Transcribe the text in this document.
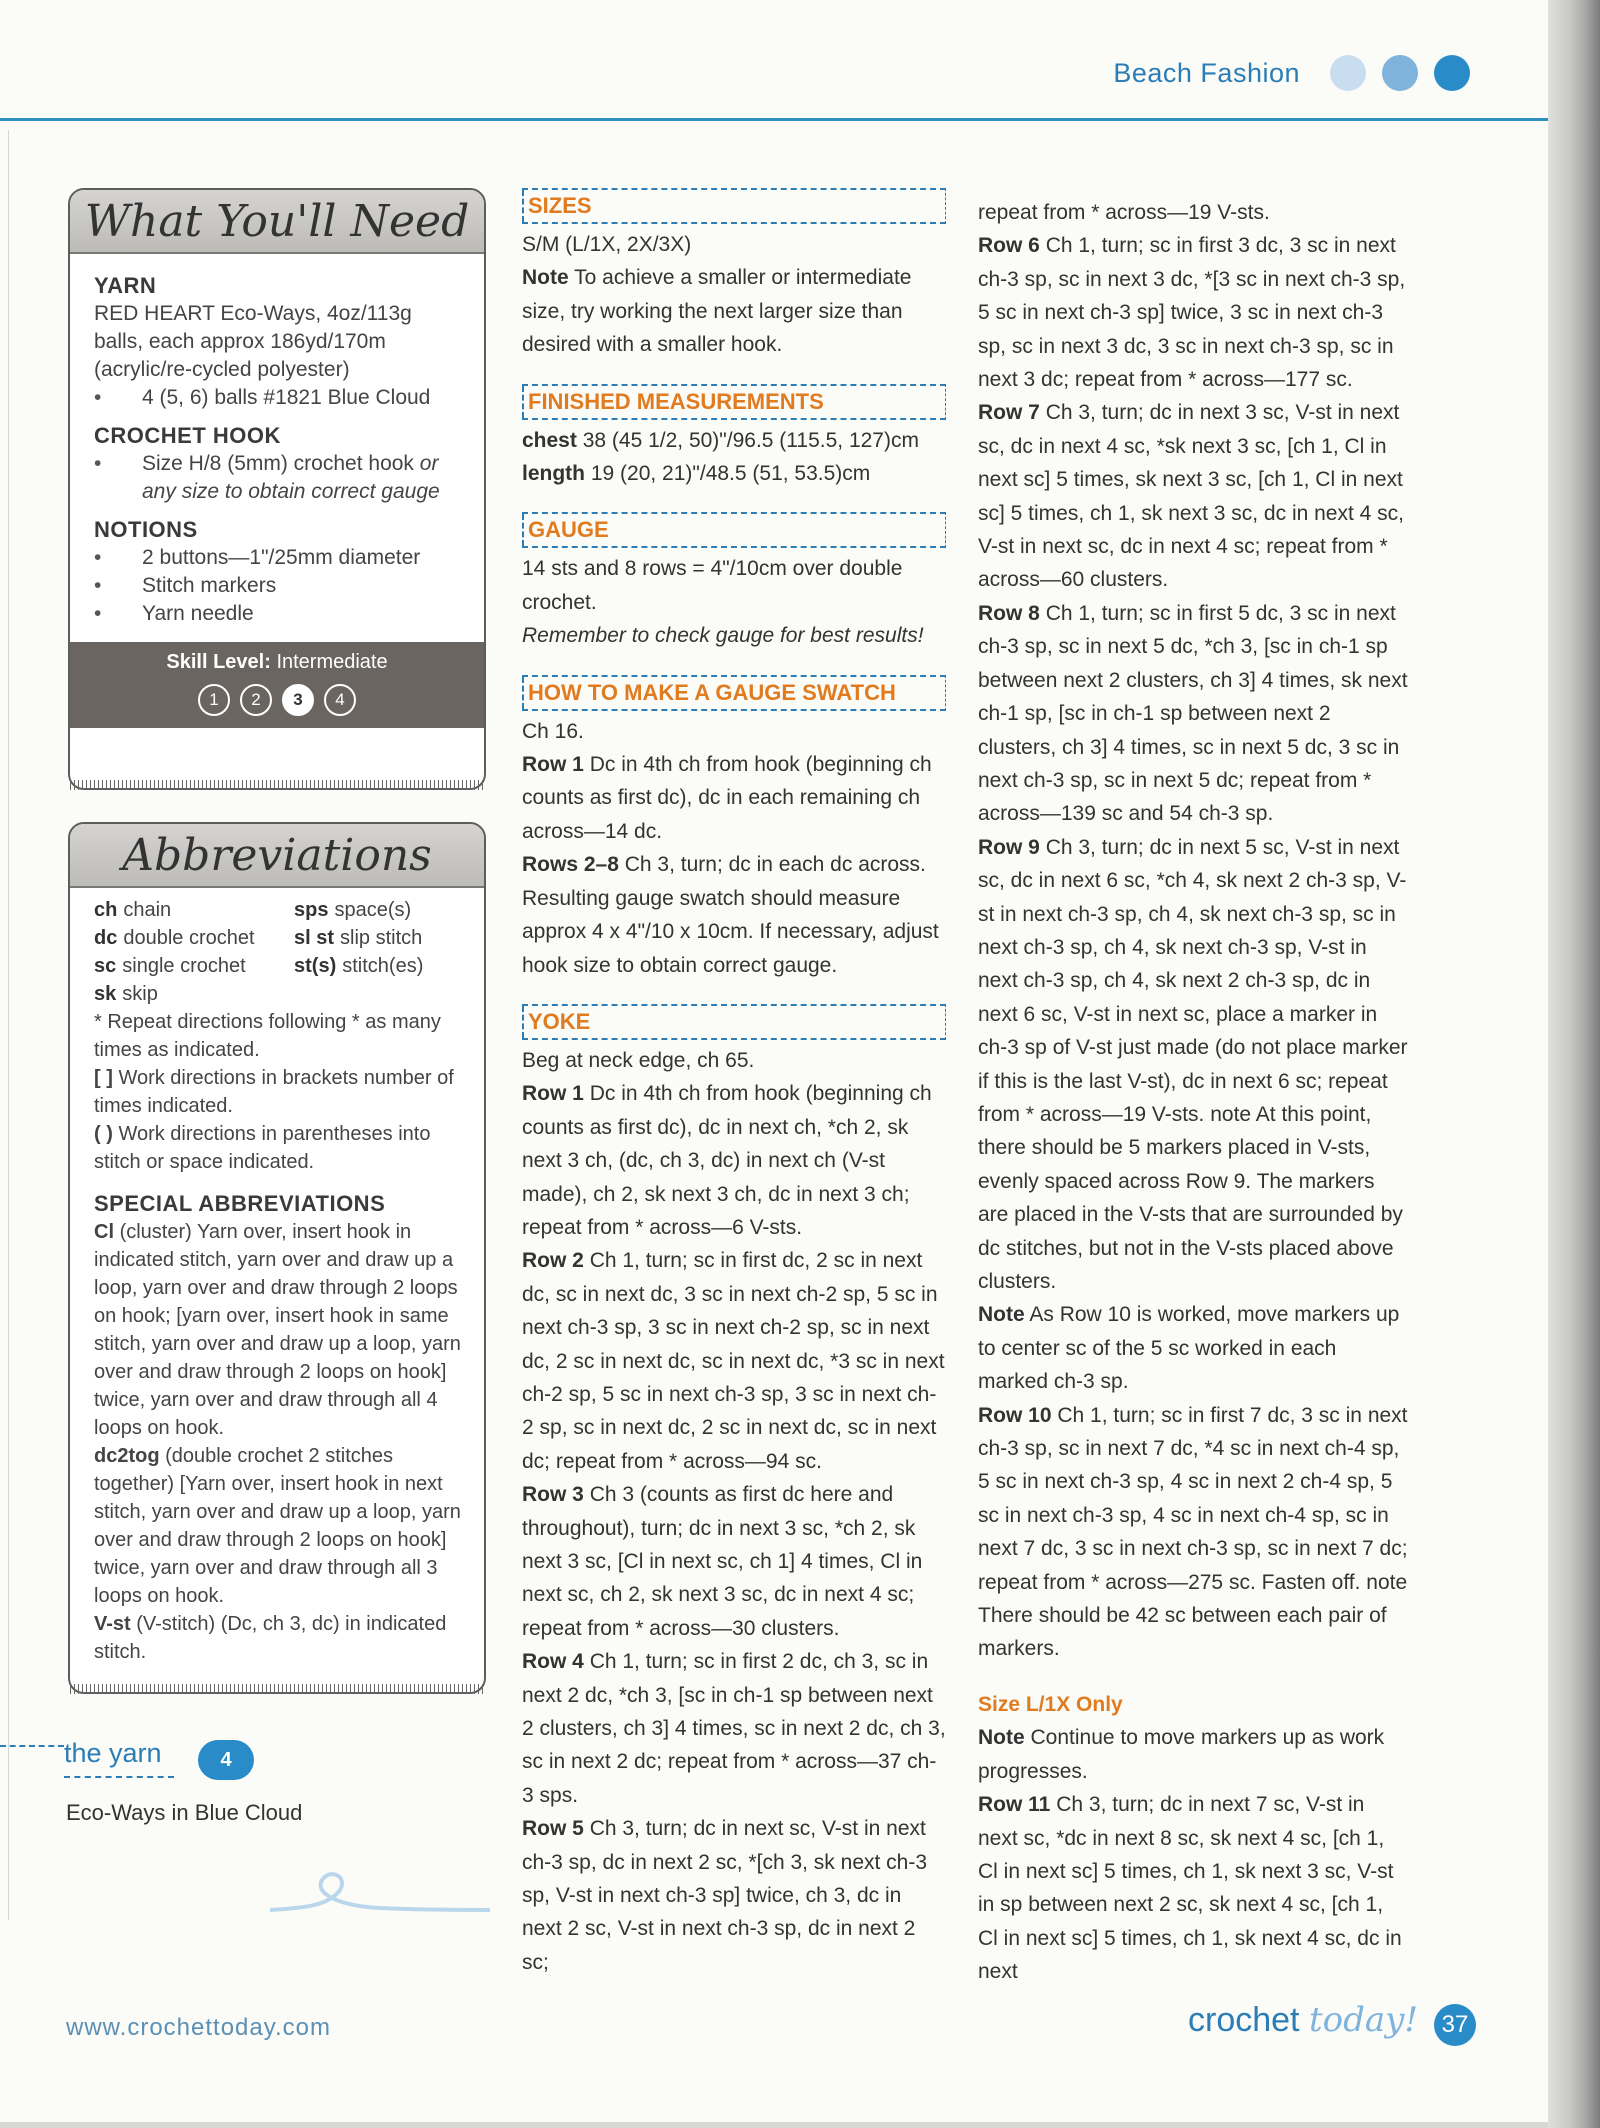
Beach Fashion
What You'll Need
YARN
RED HEART Eco-Ways, 4oz/113g balls, each approx 186yd/170m (acrylic/re-cycled polyester)
• 4 (5, 6) balls #1821 Blue Cloud
CROCHET HOOK
• Size H/8 (5mm) crochet hook or any size to obtain correct gauge
NOTIONS
• 2 buttons—1"/25mm diameter
• Stitch markers
• Yarn needle
Skill Level: Intermediate
1	2	3	4
Abbreviations
ch chain	sps space(s)
dc double crochet	sl st slip stitch
sc single crochet	st(s) stitch(es)
sk skip
* Repeat directions following * as many times as indicated.
[ ] Work directions in brackets number of times indicated.
( ) Work directions in parentheses into stitch or space indicated.
SPECIAL ABBREVIATIONS
Cl (cluster) Yarn over, insert hook in indicated stitch, yarn over and draw up a loop, yarn over and draw through 2 loops on hook; [yarn over, insert hook in same stitch, yarn over and draw up a loop, yarn over and draw through 2 loops on hook] twice, yarn over and draw through all 4 loops on hook.
dc2tog (double crochet 2 stitches together) [Yarn over, insert hook in next stitch, yarn over and draw up a loop, yarn over and draw through 2 loops on hook] twice, yarn over and draw through all 3 loops on hook.
V-st (V-stitch) (Dc, ch 3, dc) in indicated stitch.
the yarn	4
Eco-Ways in Blue Cloud
SIZES

S/M (L/1X, 2X/3X)

Note To achieve a smaller or intermediate size, try working the next larger size than desired with a smaller hook.

FINISHED MEASUREMENTS

chest 38 (45 1/2, 50)"/96.5 (115.5, 127)cm

length 19 (20, 21)"/48.5 (51, 53.5)cm

GAUGE

14 sts and 8 rows = 4"/10cm over double crochet.

Remember to check gauge for best results!

HOW TO MAKE A GAUGE SWATCH

Ch 16.

Row 1 Dc in 4th ch from hook (beginning ch counts as first dc), dc in each remaining ch across—14 dc.

Rows 2–8 Ch 3, turn; dc in each dc across. Resulting gauge swatch should measure approx 4 x 4"/10 x 10cm. If necessary, adjust hook size to obtain correct gauge.

YOKE

Beg at neck edge, ch 65.

Row 1 Dc in 4th ch from hook (beginning ch counts as first dc), dc in next ch, *ch 2, sk next 3 ch, (dc, ch 3, dc) in next ch (V-st made), ch 2, sk next 3 ch, dc in next 3 ch; repeat from * across—6 V-sts.

Row 2 Ch 1, turn; sc in first dc, 2 sc in next dc, sc in next dc, 3 sc in next ch-2 sp, 5 sc in next ch-3 sp, 3 sc in next ch-2 sp, sc in next dc, 2 sc in next dc, sc in next dc, *3 sc in next ch-2 sp, 5 sc in next ch-3 sp, 3 sc in next ch-2 sp, sc in next dc, 2 sc in next dc, sc in next dc; repeat from * across—94 sc.

Row 3 Ch 3 (counts as first dc here and throughout), turn; dc in next 3 sc, *ch 2, sk next 3 sc, [Cl in next sc, ch 1] 4 times, Cl in next sc, ch 2, sk next 3 sc, dc in next 4 sc; repeat from * across—30 clusters.

Row 4 Ch 1, turn; sc in first 2 dc, ch 3, sc in next 2 dc, *ch 3, [sc in ch-1 sp between next 2 clusters, ch 3] 4 times, sc in next 2 dc, ch 3, sc in next 2 dc; repeat from * across—37 ch-3 sps.

Row 5 Ch 3, turn; dc in next sc, V-st in next ch-3 sp, dc in next 2 sc, *[ch 3, sk next ch-3 sp, V-st in next ch-3 sp] twice, ch 3, dc in next 2 sc, V-st in next ch-3 sp, dc in next 2 sc;

repeat from * across—19 V-sts.

Row 6 Ch 1, turn; sc in first 3 dc, 3 sc in next ch-3 sp, sc in next 3 dc, *[3 sc in next ch-3 sp, 5 sc in next ch-3 sp] twice, 3 sc in next ch-3 sp, sc in next 3 dc, 3 sc in next ch-3 sp, sc in next 3 dc; repeat from * across—177 sc.

Row 7 Ch 3, turn; dc in next 3 sc, V-st in next sc, dc in next 4 sc, *sk next 3 sc, [ch 1, Cl in next sc] 5 times, sk next 3 sc, [ch 1, Cl in next sc] 5 times, ch 1, sk next 3 sc, dc in next 4 sc, V-st in next sc, dc in next 4 sc; repeat from * across—60 clusters.

Row 8 Ch 1, turn; sc in first 5 dc, 3 sc in next ch-3 sp, sc in next 5 dc, *ch 3, [sc in ch-1 sp between next 2 clusters, ch 3] 4 times, sk next ch-1 sp, [sc in ch-1 sp between next 2 clusters, ch 3] 4 times, sc in next 5 dc, 3 sc in next ch-3 sp, sc in next 5 dc; repeat from * across—139 sc and 54 ch-3 sp.

Row 9 Ch 3, turn; dc in next 5 sc, V-st in next sc, dc in next 6 sc, *ch 4, sk next 2 ch-3 sp, V-st in next ch-3 sp, ch 4, sk next ch-3 sp, sc in next ch-3 sp, ch 4, sk next ch-3 sp, V-st in next ch-3 sp, ch 4, sk next 2 ch-3 sp, dc in next 6 sc, V-st in next sc, place a marker in ch-3 sp of V-st just made (do not place marker if this is the last V-st), dc in next 6 sc; repeat from * across—19 V-sts. note At this point, there should be 5 markers placed in V-sts, evenly spaced across Row 9. The markers are placed in the V-sts that are surrounded by dc stitches, but not in the V-sts placed above clusters.

Note As Row 10 is worked, move markers up to center sc of the 5 sc worked in each marked ch-3 sp.

Row 10 Ch 1, turn; sc in first 7 dc, 3 sc in next ch-3 sp, sc in next 7 dc, *4 sc in next ch-4 sp, 5 sc in next ch-3 sp, 4 sc in next 2 ch-4 sp, 5 sc in next ch-3 sp, 4 sc in next ch-4 sp, sc in next 7 dc, 3 sc in next ch-3 sp, sc in next 7 dc; repeat from * across—275 sc. Fasten off. note There should be 42 sc between each pair of markers.

Size L/1X Only

Note Continue to move markers up as work progresses.

Row 11 Ch 3, turn; dc in next 7 sc, V-st in next sc, *dc in next 8 sc, sk next 4 sc, [ch 1, Cl in next sc] 5 times, ch 1, sk next 3 sc, V-st in sp between next 2 sc, sk next 4 sc, [ch 1, Cl in next sc] 5 times, ch 1, sk next 4 sc, dc in next

www.crochettoday.com	crochet today! 37
